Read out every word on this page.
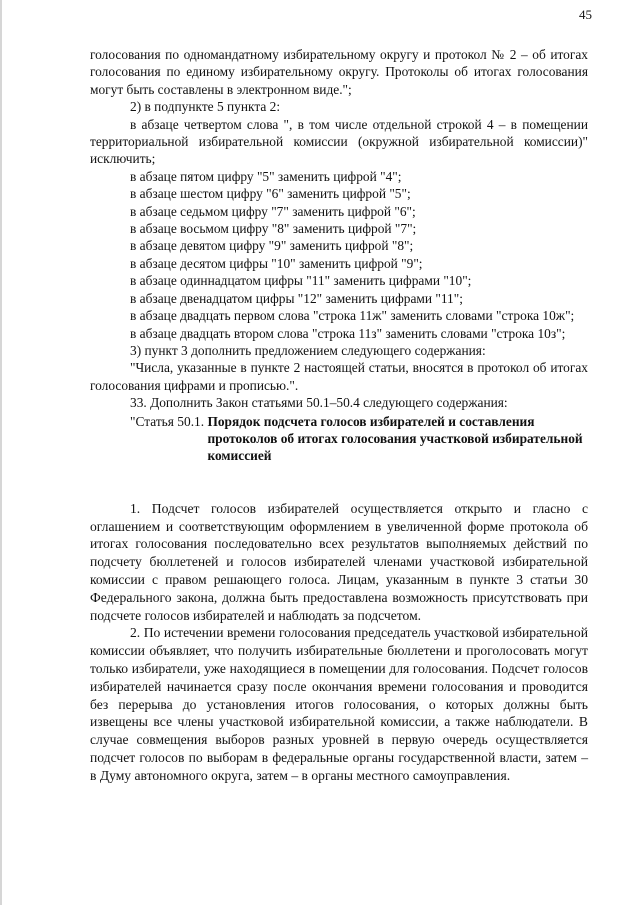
45

голосования по одномандатному избирательному округу и протокол № 2 – об итогах голосования по единому избирательному округу. Протоколы об итогах голосования могут быть составлены в электронном виде.";

2) в подпункте 5 пункта 2:

в абзаце четвертом слова ", в том числе отдельной строкой 4 – в помещении территориальной избирательной комиссии (окружной избирательной комиссии)" исключить;

в абзаце пятом цифру "5" заменить цифрой "4";

в абзаце шестом цифру "6" заменить цифрой "5";

в абзаце седьмом цифру "7" заменить цифрой "6";

в абзаце восьмом цифру "8" заменить цифрой "7";

в абзаце девятом цифру "9" заменить цифрой "8";

в абзаце десятом цифры "10" заменить цифрой "9";

в абзаце одиннадцатом цифры "11" заменить цифрами "10";

в абзаце двенадцатом цифры "12" заменить цифрами "11";

в абзаце двадцать первом слова "строка 11ж" заменить словами "строка 10ж";

в абзаце двадцать втором слова "строка 11з" заменить словами "строка 10з";

3) пункт 3 дополнить предложением следующего содержания:

"Числа, указанные в пункте 2 настоящей статьи, вносятся в протокол об итогах голосования цифрами и прописью.".

33. Дополнить Закон статьями 50.1–50.4 следующего содержания:

"Статья 50.1. Порядок подсчета голосов избирателей и составления протоколов об итогах голосования участковой избирательной комиссией

1. Подсчет голосов избирателей осуществляется открыто и гласно с оглашением и соответствующим оформлением в увеличенной форме протокола об итогах голосования последовательно всех результатов выполняемых действий по подсчету бюллетеней и голосов избирателей членами участковой избирательной комиссии с правом решающего голоса. Лицам, указанным в пункте 3 статьи 30 Федерального закона, должна быть предоставлена возможность присутствовать при подсчете голосов избирателей и наблюдать за подсчетом.

2. По истечении времени голосования председатель участковой избирательной комиссии объявляет, что получить избирательные бюллетени и проголосовать могут только избиратели, уже находящиеся в помещении для голосования. Подсчет голосов избирателей начинается сразу после окончания времени голосования и проводится без перерыва до установления итогов голосования, о которых должны быть извещены все члены участковой избирательной комиссии, а также наблюдатели. В случае совмещения выборов разных уровней в первую очередь осуществляется подсчет голосов по выборам в федеральные органы государственной власти, затем – в Думу автономного округа, затем – в органы местного самоуправления.
